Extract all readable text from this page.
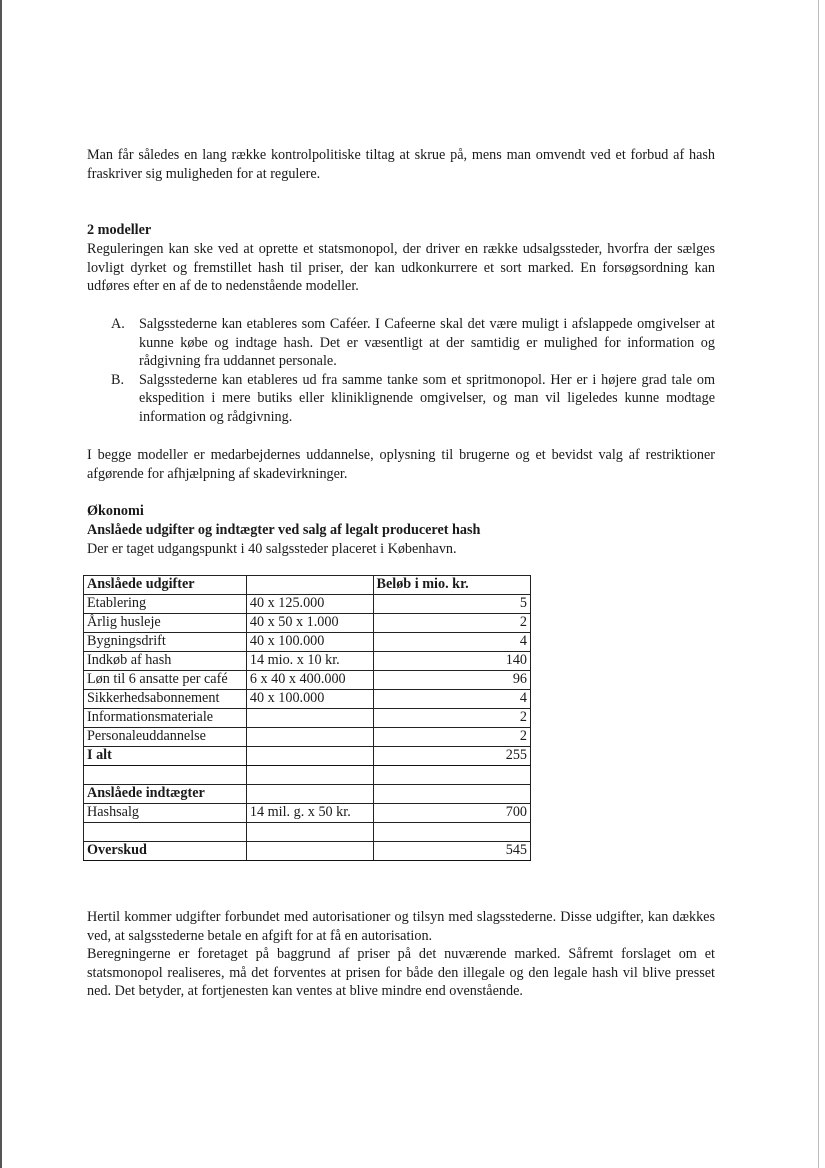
Man får således en lang række kontrolpolitiske tiltag at skrue på, mens man omvendt ved et forbud af hash fraskriver sig muligheden for at regulere.

2 modeller

Reguleringen kan ske ved at oprette et statsmonopol, der driver en række udsalgssteder, hvorfra der sælges lovligt dyrket og fremstillet hash til priser, der kan udkonkurrere et sort marked. En forsøgsordning kan udføres efter en af de to nedenstående modeller.

A.	Salgsstederne kan etableres som Caféer. I Cafeerne skal det være muligt i afslappede omgivelser at kunne købe og indtage hash. Det er væsentligt at der samtidig er mulighed for information og rådgivning fra uddannet personale.
B.	Salgsstederne kan etableres ud fra samme tanke som et spritmonopol. Her er i højere grad tale om ekspedition i mere butiks eller kliniklignende omgivelser, og man vil ligeledes kunne modtage information og rådgivning.

I begge modeller er medarbejdernes uddannelse, oplysning til brugerne og et bevidst valg af restriktioner afgørende for afhjælpning af skadevirkninger.

Økonomi

Anslåede udgifter og indtægter ved salg af legalt produceret hash

Der er taget udgangspunkt i 40 salgssteder placeret i København.

Anslåede udgifter		Beløb i mio. kr.
Etablering	40 x 125.000	5
Årlig husleje	40 x 50 x 1.000	2
Bygningsdrift	40 x 100.000	4
Indkøb af hash	14 mio. x 10 kr.	140
Løn til 6 ansatte per café	6 x 40 x 400.000	96
Sikkerhedsabonnement	40 x 100.000	4
Informationsmateriale		2
Personaleuddannelse		2
I alt		255

Anslåede indtægter		
Hashsalg	14 mil. g. x 50 kr.	700

Overskud		545

Hertil kommer udgifter forbundet med autorisationer og tilsyn med slagsstederne. Disse udgifter, kan dækkes ved, at salgsstederne betale en afgift for at få en autorisation.

Beregningerne er foretaget på baggrund af priser på det nuværende marked. Såfremt forslaget om et statsmonopol realiseres, må det forventes at prisen for både den illegale og den legale hash vil blive presset ned. Det betyder, at fortjenesten kan ventes at blive mindre end ovenstående.
